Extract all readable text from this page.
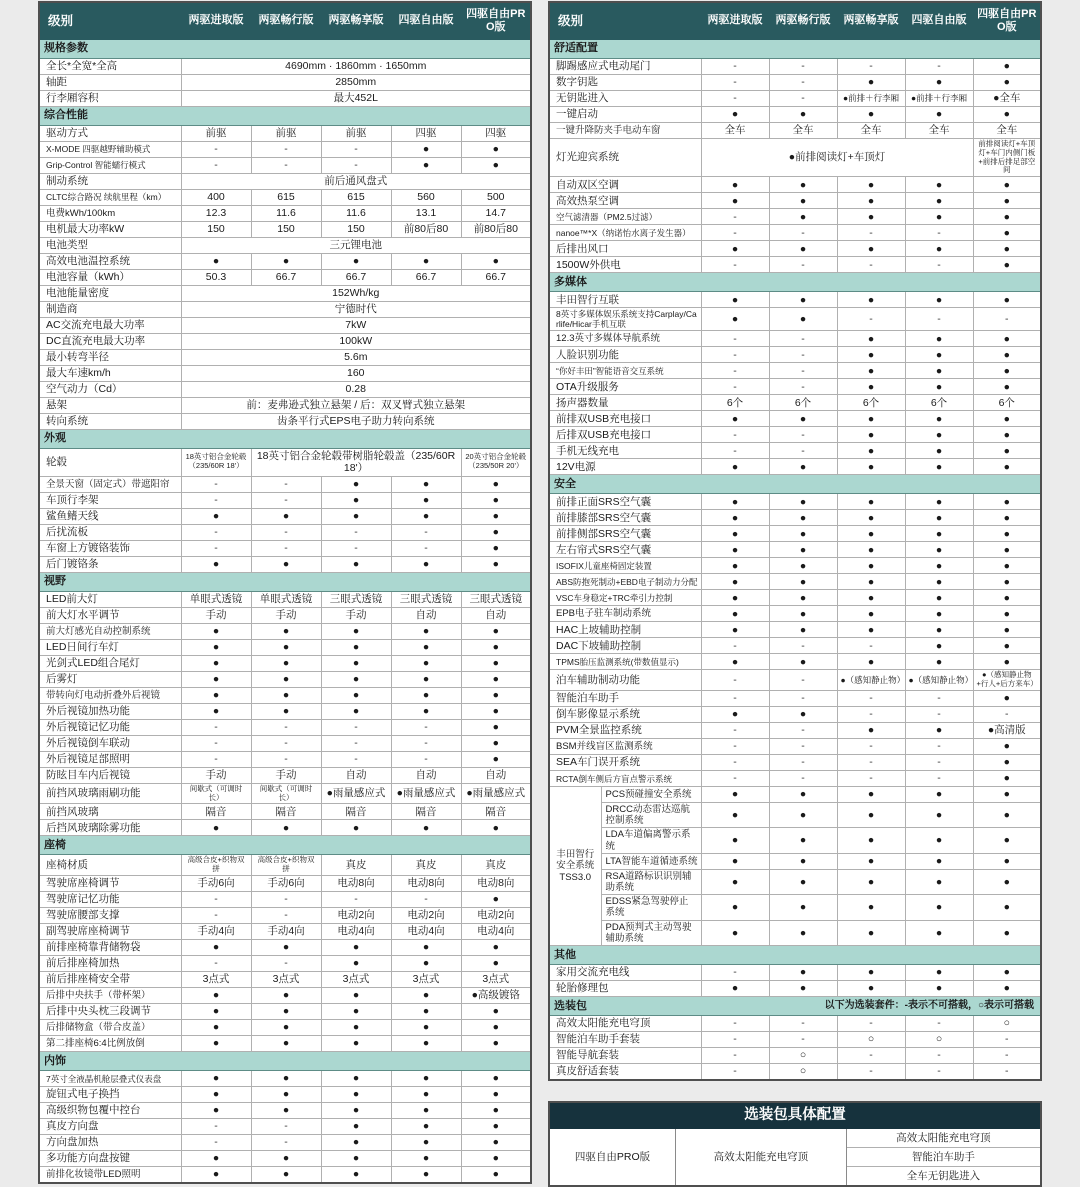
级别	两驱进取版	两驱畅行版	两驱畅享版	四驱自由版	四驱自由PRO版
规格参数					
全长*全宽*全高	4690mm · 1860mm · 1650mm				
轴距	2850mm				
行李厢容积	最大452L				
综合性能					
驱动方式	前驱	前驱	前驱	四驱	四驱
X-MODE 四驱越野辅助模式	-	-	-	●	●
Grip-Control 智能蠕行模式	-	-	-	●	●
制动系统	前后通风盘式				
CLTC综合路况 续航里程（km）	400	615	615	560	500
电费kWh/100km	12.3	11.6	11.6	13.1	14.7
电机最大功率kW	150	150	150	前80后80	前80后80
电池类型	三元锂电池				
高效电池温控系统	●	●	●	●	●
电池容量（kWh）	50.3	66.7	66.7	66.7	66.7
电池能量密度	152Wh/kg				
制造商	宁德时代				
AC交流充电最大功率	7kW				
DC直流充电最大功率	100kW				
最小转弯半径	5.6m				
最大车速km/h	160				
空气动力（Cd）	0.28				
悬架	前：麦弗逊式独立悬架 / 后：双叉臂式独立悬架				
转向系统	齿条平行式EPS电子助力转向系统				
外观					
轮毂	18英寸铝合金轮毂（235/60R 18'）	18英寸铝合金轮毂带树脂轮毂盖（235/60R 18'）			20英寸铝合金轮毂（235/50R 20'）
全景天窗（固定式）带遮阳帘	-	-	●	●	●
车顶行李架	-	-	●	●	●
鲨鱼鳍天线	●	●	●	●	●
后扰流板	-	-	-	-	●
车窗上方镀铬装饰	-	-	-	-	●
后门镀铬条	●	●	●	●	●
视野					
LED前大灯	单眼式透镜	单眼式透镜	三眼式透镜	三眼式透镜	三眼式透镜
前大灯水平调节	手动	手动	手动	自动	自动
前大灯感光自动控制系统	●	●	●	●	●
LED日间行车灯	●	●	●	●	●
光剑式LED组合尾灯	●	●	●	●	●
后雾灯	●	●	●	●	●
带转向灯电动折叠外后视镜	●	●	●	●	●
外后视镜加热功能	●	●	●	●	●
外后视镜记忆功能	-	-	-	-	●
外后视镜倒车联动	-	-	-	-	●
外后视镜足部照明	-	-	-	-	●
防眩目车内后视镜	手动	手动	自动	自动	自动
前挡风玻璃雨刷功能	间歇式（可调时长）	间歇式（可调时长）	●雨量感应式	●雨量感应式	●雨量感应式
前挡风玻璃	隔音	隔音	隔音	隔音	隔音
后挡风玻璃除雾功能	●	●	●	●	●
座椅					
座椅材质	高级合皮+织物双拼	高级合皮+织物双拼	真皮	真皮	真皮
驾驶席座椅调节	手动6向	手动6向	电动8向	电动8向	电动8向
驾驶席记忆功能	-	-	-	-	●
驾驶席腰部支撑	-	-	电动2向	电动2向	电动2向
副驾驶席座椅调节	手动4向	手动4向	电动4向	电动4向	电动4向
前排座椅靠背储物袋	●	●	●	●	●
前后排座椅加热	-	-	●	●	●
前后排座椅安全带	3点式	3点式	3点式	3点式	3点式
后排中央扶手（带杯架）	●	●	●	●	●高级镀铬
后排中央头枕三段调节	●	●	●	●	●
后排储物盒（带合皮盖）	●	●	●	●	●
第二排座椅6:4比例放倒	●	●	●	●	●
内饰					
7英寸全液晶机舱层叠式仪表盘	●	●	●	●	●
旋钮式电子换挡	●	●	●	●	●
高级织物包覆中控台	●	●	●	●	●
真皮方向盘	-	-	●	●	●
方向盘加热	-	-	●	●	●
多功能方向盘按键	●	●	●	●	●
前排化妆镜带LED照明	●	●	●	●	●
级别		两驱进取版	两驱畅行版	两驱畅享版	四驱自由版	四驱自由PRO版
舒适配置						
脚踢感应式电动尾门		-	-	-	-	●
数字钥匙		-	-	●	●	●
无钥匙进入		-	-	●前排＋行李厢	●前排＋行李厢	●全车
一键启动		●	●	●	●	●
一键升降防夹手电动车窗		全车	全车	全车	全车	全车
灯光迎宾系统		●前排阅读灯+车顶灯				前排阅读灯+车顶灯+车门内侧门板+前排后排足部空间
自动双区空调		●	●	●	●	●
高效热泵空调		●	●	●	●	●
空气滤清器（PM2.5过滤）		-	●	●	●	●
nanoe™*X（纳诺怡水离子发生器）		-	-	-	-	●
后排出风口		●	●	●	●	●
1500W外供电		-	-	-	-	●
多媒体						
丰田智行互联		●	●	●	●	●
8英寸多媒体娱乐系统支持Carplay/Carlife/Hicar手机互联		●	●	-	-	-
12.3英寸多媒体导航系统		-	-	●	●	●
人脸识别功能		-	-	●	●	●
“你好丰田”智能语音交互系统		-	-	●	●	●
OTA升级服务		-	-	●	●	●
扬声器数量		6个	6个	6个	6个	6个
前排双USB充电接口		●	●	●	●	●
后排双USB充电接口		-	-	●	●	●
手机无线充电		-	-	●	●	●
12V电源		●	●	●	●	●
安全						
前排正面SRS空气囊		●	●	●	●	●
前排膝部SRS空气囊		●	●	●	●	●
前排侧部SRS空气囊		●	●	●	●	●
左右帘式SRS空气囊		●	●	●	●	●
ISOFIX儿童座椅固定装置		●	●	●	●	●
ABS防抱死制动+EBD电子制动力分配		●	●	●	●	●
VSC车身稳定+TRC牵引力控制		●	●	●	●	●
EPB电子驻车制动系统		●	●	●	●	●
HAC上坡辅助控制		●	●	●	●	●
DAC下坡辅助控制		-	-	-	●	●
TPMS胎压监测系统(带数值显示)		●	●	●	●	●
泊车辅助制动功能		-	-	●（感知静止物）	●（感知静止物）	●（感知静止物+行人+后方来车）
智能泊车助手		-	-	-	-	●
倒车影像显示系统		●	●	-	-	-
PVM全景监控系统		-	-	●	●	●高清版
BSM并线盲区监测系统		-	-	-	-	●
SEA车门误开系统		-	-	-	-	●
RCTA倒车侧后方盲点警示系统		-	-	-	-	●
丰田智行 安全系统 TSS3.0	PCS预碰撞安全系统	●	●	●	●	●
	DRCC动态雷达巡航控制系统	●	●	●	●	●
	LDA车道偏离警示系统	●	●	●	●	●
	LTA智能车道循迹系统	●	●	●	●	●
	RSA道路标识识别辅助系统	●	●	●	●	●
	EDSS紧急驾驶停止系统	●	●	●	●	●
	PDA预判式主动驾驶辅助系统	●	●	●	●	●
其他						
家用交流充电线		-	●	●	●	●
轮胎修理包		●	●	●	●	●
选装包		以下为选装套件：-表示不可搭载，○表示可搭载				
高效太阳能充电穹顶		-	-	-	-	○
智能泊车助手套装		-	-	○	○	-
智能导航套装		-	○	-	-	-
真皮舒适套装		-	○	-	-	-
选装包具体配置
四驱自由PRO版	高效太阳能充电穹顶	高效太阳能充电穹顶
智能泊车助手
全车无钥匙进入
